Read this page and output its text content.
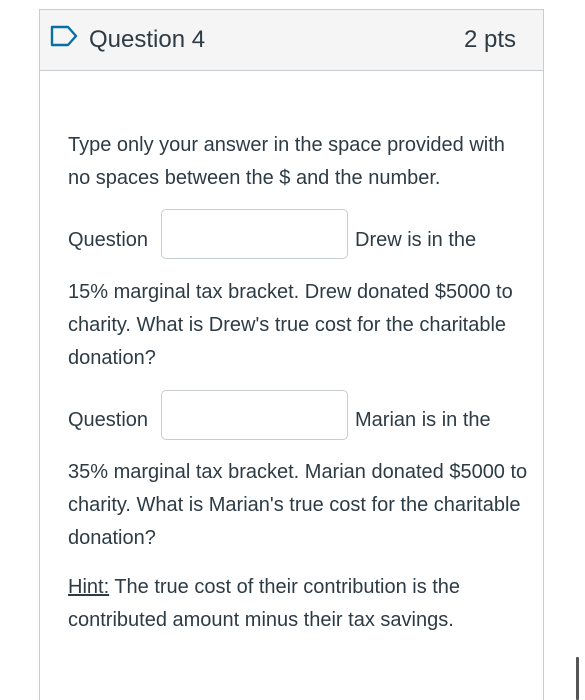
Question 4	2 pts
Type only your answer in the space provided with no spaces between the $ and the number.
Question	Drew is in the
15% marginal tax bracket. Drew donated $5000 to charity. What is Drew's true cost for the charitable donation?
Question	Marian is in the
35% marginal tax bracket. Marian donated $5000 to charity. What is Marian's true cost for the charitable donation?
Hint: The true cost of their contribution is the contributed amount minus their tax savings.
